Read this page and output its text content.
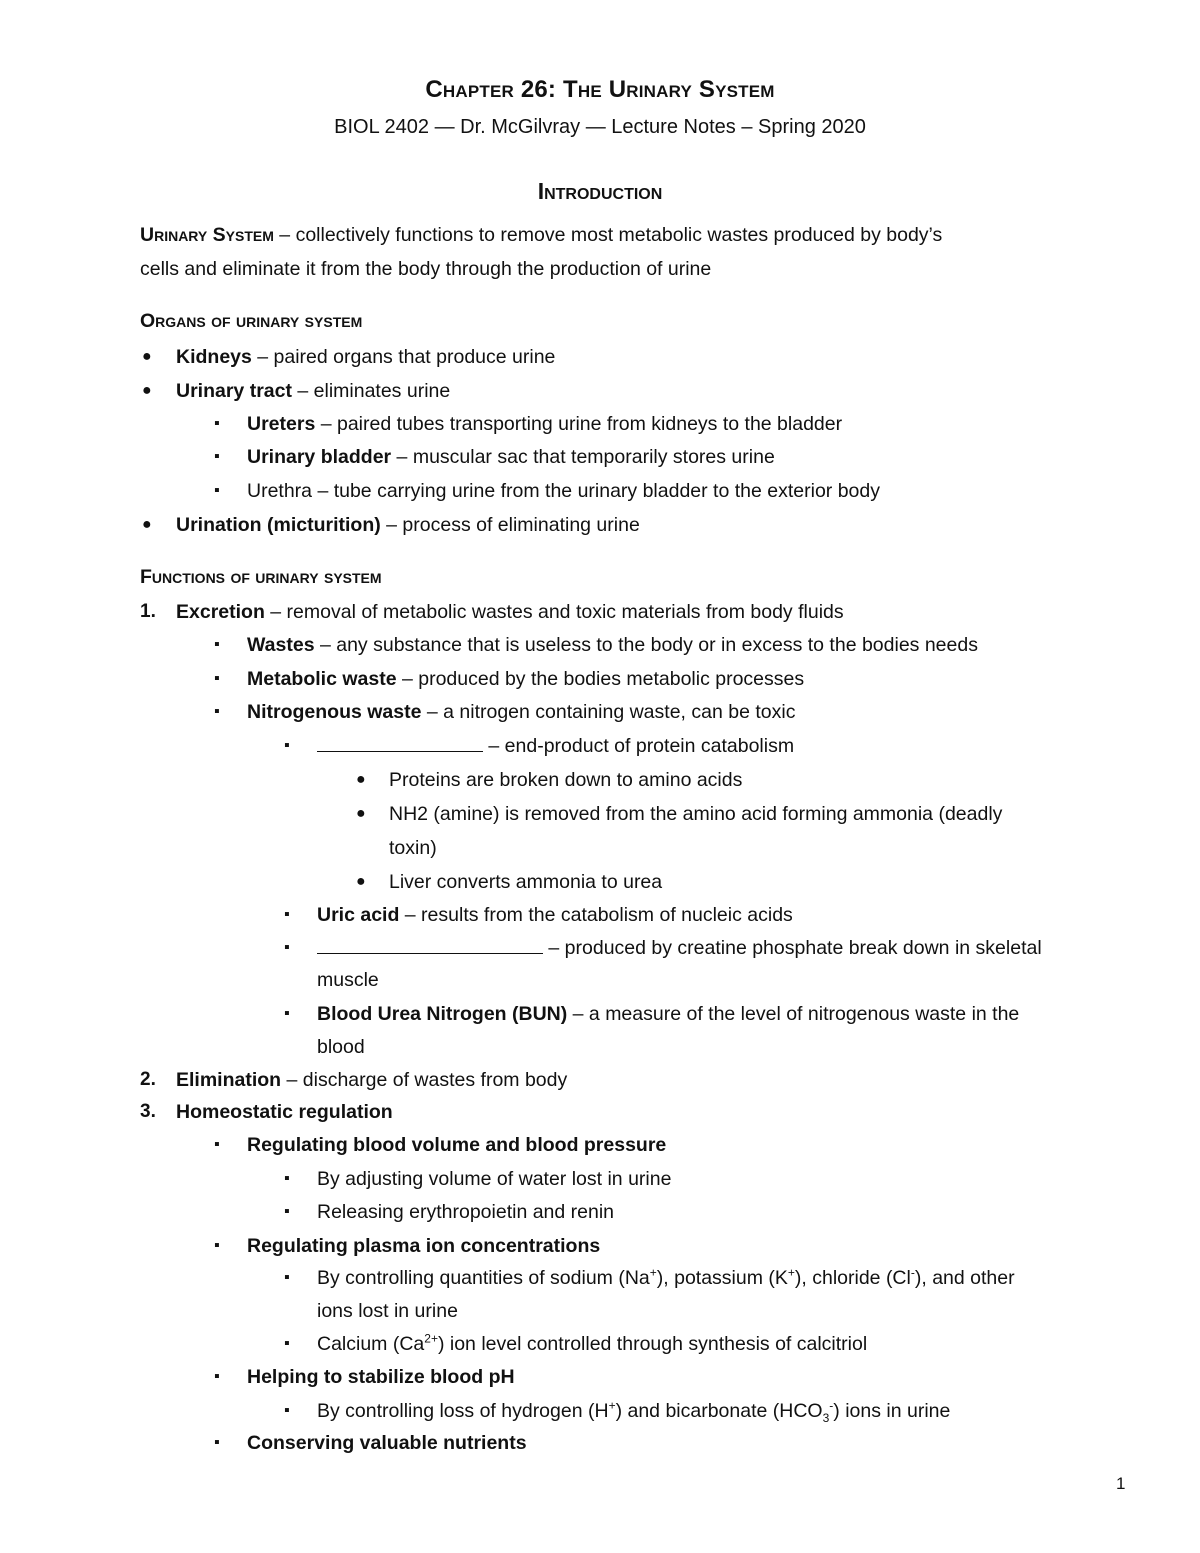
Chapter 26: The Urinary System
BIOL 2402 — Dr. McGilvray — Lecture Notes – Spring 2020
Introduction
Urinary System – collectively functions to remove most metabolic wastes produced by body’s
cells and eliminate it from the body through the production of urine
Organs of urinary system
● Kidneys – paired organs that produce urine
● Urinary tract – eliminates urine
▪ Ureters – paired tubes transporting urine from kidneys to the bladder
▪ Urinary bladder – muscular sac that temporarily stores urine
▪ Urethra – tube carrying urine from the urinary bladder to the exterior body
● Urination (micturition) – process of eliminating urine
Functions of urinary system
1. Excretion – removal of metabolic wastes and toxic materials from body fluids
▪ Wastes – any substance that is useless to the body or in excess to the bodies needs
▪ Metabolic waste – produced by the bodies metabolic processes
▪ Nitrogenous waste – a nitrogen containing waste, can be toxic
▪	– end-product of protein catabolism
● Proteins are broken down to amino acids
● NH2 (amine) is removed from the amino acid forming ammonia (deadly
toxin)
● Liver converts ammonia to urea
▪ Uric acid – results from the catabolism of nucleic acids
▪	– produced by creatine phosphate break down in skeletal
muscle
▪ Blood Urea Nitrogen (BUN) – a measure of the level of nitrogenous waste in the
blood
2. Elimination – discharge of wastes from body
3. Homeostatic regulation
▪ Regulating blood volume and blood pressure
▪ By adjusting volume of water lost in urine
▪ Releasing erythropoietin and renin
▪ Regulating plasma ion concentrations
▪ By controlling quantities of sodium (Na+), potassium (K+), chloride (Cl-), and other
ions lost in urine
▪ Calcium $(Ca^{2+})$ ion level controlled through synthesis of calcitriol
▪ Helping to stabilize blood pH
▪ By controlling loss of hydrogen (H+) and bicarbonate $(HCO_3^-)$ ions in urine
▪ Conserving valuable nutrients
1
